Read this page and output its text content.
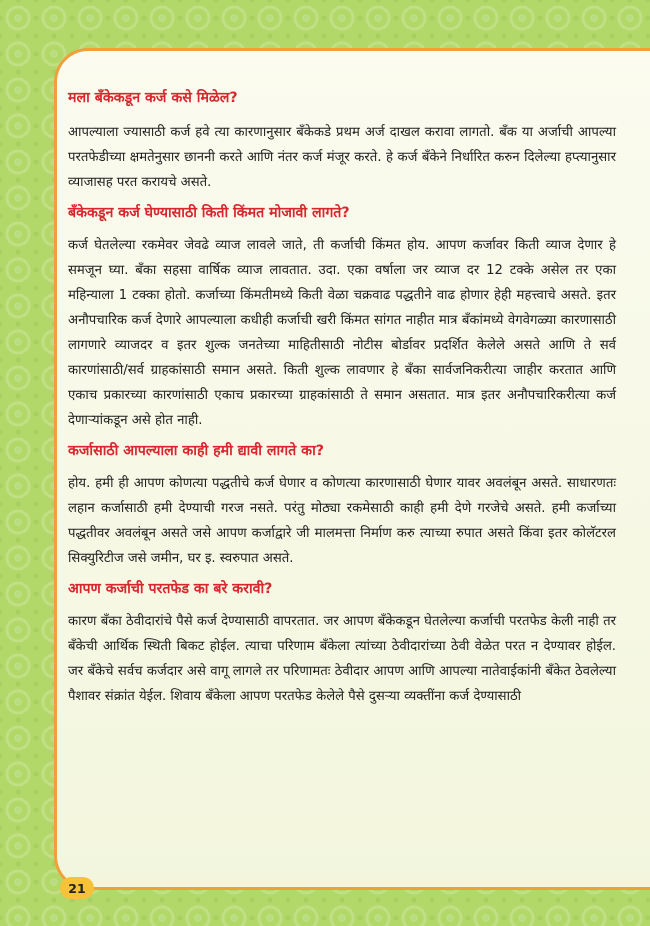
मला बँकेकडून कर्ज कसे मिळेल?

आपल्याला ज्यासाठी कर्ज हवे त्या कारणानुसार बँकेकडे प्रथम अर्ज दाखल करावा लागतो. बँक या अर्जाची आपल्या परतफेडीच्या क्षमतेनुसार छाननी करते आणि नंतर कर्ज मंजूर करते. हे कर्ज बँकेने निर्धारित करुन दिलेल्या हप्त्यानुसार व्याजासह परत करायचे असते.

बँकेकडून कर्ज घेण्यासाठी किती किंमत मोजावी लागते?

कर्ज घेतलेल्या रकमेवर जेवढे व्याज लावले जाते, ती कर्जाची किंमत होय. आपण कर्जावर किती व्याज देणार हे समजून घ्या. बँका सहसा वार्षिक व्याज लावतात. उदा. एका वर्षाला जर व्याज दर 12 टक्के असेल तर एका महिन्याला 1 टक्का होतो. कर्जाच्या किंमतीमध्ये किती वेळा चक्रवाढ पद्धतीने वाढ होणार हेही महत्त्वाचे असते. इतर अनौपचारिक कर्ज देणारे आपल्याला कधीही कर्जाची खरी किंमत सांगत नाहीत मात्र बँकांमध्ये वेगवेगळ्या कारणासाठी लागणारे व्याजदर व इतर शुल्क जनतेच्या माहितीसाठी नोटीस बोर्डावर प्रदर्शित केलेले असते आणि ते सर्व कारणांसाठी/सर्व ग्राहकांसाठी समान असते. किती शुल्क लावणार हे बँका सार्वजनिकरीत्या जाहीर करतात आणि एकाच प्रकारच्या कारणांसाठी एकाच प्रकारच्या ग्राहकांसाठी ते समान असतात. मात्र इतर अनौपचारिकरीत्या कर्ज देणाऱ्यांकडून असे होत नाही.

कर्जासाठी आपल्याला काही हमी द्यावी लागते का?

होय. हमी ही आपण कोणत्या पद्धतीचे कर्ज घेणार व कोणत्या कारणासाठी घेणार यावर अवलंबून असते. साधारणतः लहान कर्जासाठी हमी देण्याची गरज नसते. परंतु मोठ्या रकमेसाठी काही हमी देणे गरजेचे असते. हमी कर्जाच्या पद्धतीवर अवलंबून असते जसे आपण कर्जाद्वारे जी मालमत्ता निर्माण करु त्याच्या रुपात असते किंवा इतर कोलॅटरल सिक्युरिटीज जसे जमीन, घर इ. स्वरुपात असते.

आपण कर्जाची परतफेड का बरे करावी?

कारण बँका ठेवीदारांचे पैसे कर्ज देण्यासाठी वापरतात. जर आपण बँकेकडून घेतलेल्या कर्जाची परतफेड केली नाही तर बँकेची आर्थिक स्थिती बिकट होईल. त्याचा परिणाम बँकेला त्यांच्या ठेवीदारांच्या ठेवी वेळेत परत न देण्यावर होईल. जर बँकेचे सर्वच कर्जदार असे वागू लागले तर परिणामतः ठेवीदार आपण आणि आपल्या नातेवाईकांनी बँकेत ठेवलेल्या पैशावर संक्रांत येईल. शिवाय बँकेला आपण परतफेड केलेले पैसे दुसऱ्या व्यक्तींना कर्ज देण्यासाठी

21
